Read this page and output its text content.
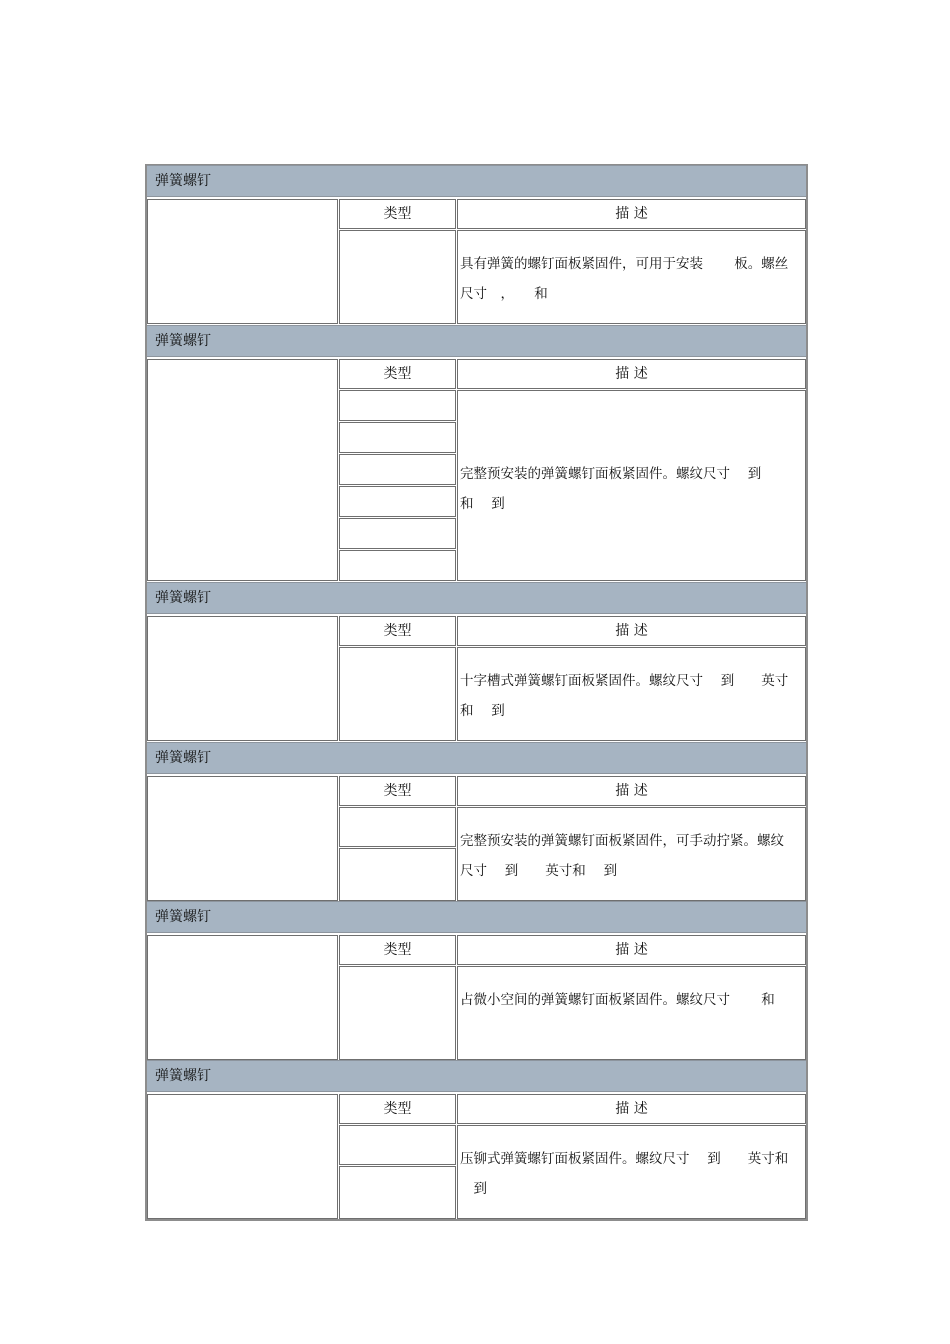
弹簧螺钉
类型	描 述
具有弹簧的螺钉面板紧固件，可用于安装　　 板。螺丝
尺寸　，　　和
弹簧螺钉
类型	描 述
完整预安装的弹簧螺钉面板紧固件。螺纹尺寸　 到
和　 到
弹簧螺钉
类型	描 述
十字槽式弹簧螺钉面板紧固件。螺纹尺寸　 到　　英寸
和　 到
弹簧螺钉
类型	描 述
完整预安装的弹簧螺钉面板紧固件，可手动拧紧。螺纹
尺寸　 到　　英寸和　 到
弹簧螺钉
类型	描 述
占微小空间的弹簧螺钉面板紧固件。螺纹尺寸　　 和
弹簧螺钉
类型	描 述
压铆式弹簧螺钉面板紧固件。螺纹尺寸　 到　　英寸和
　到
